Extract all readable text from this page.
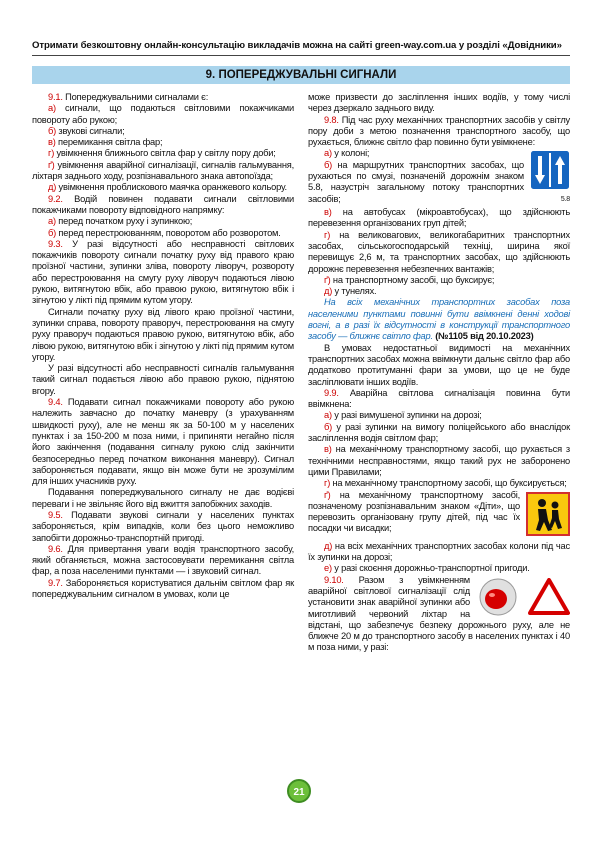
Отримати безкоштовну онлайн-консультацію викладачів можна на сайті green-way.com.ua у розділі «Довідники»
9. ПОПЕРЕДЖУВАЛЬНІ СИГНАЛИ

9.1. Попереджувальними сигналами є:

а) сигнали, що подаються світловими покажчиками повороту або рукою;

б) звукові сигнали;

в) перемикання світла фар;

г) увімкнення ближнього світла фар у світлу пору доби;

ґ) увімкнення аварійної сигналізації, сигналів гальмування, ліхтаря заднього ходу, розпізнавального знака автопоїзда;

д) увімкнення проблискового маячка оранжевого кольору.

9.2. Водій повинен подавати сигнали світловими покажчиками повороту відповідного напрямку:

а) перед початком руху і зупинкою;

б) перед перестроюванням, поворотом або розворотом.

9.3. У разі відсутності або несправності світлових покажчиків повороту сигнали початку руху від правого краю проїзної частини, зупинки зліва, повороту ліворуч, розвороту або перестроювання на смугу руху ліворуч подаються лівою рукою, витягнутою вбік, або правою рукою, витягнутою вбік і зігнутою у лікті під прямим кутом угору.

Сигнали початку руху від лівого краю проїзної частини, зупинки справа, повороту праворуч, перестроювання на смугу руху праворуч подаються правою рукою, витягнутою вбік, або лівою рукою, витягнутою вбік і зігнутою у лікті під прямим кутом угору.

У разі відсутності або несправності сигналів гальмування такий сигнал подається лівою або правою рукою, піднятою вгору.

9.4. Подавати сигнал покажчиками повороту або рукою належить завчасно до початку маневру (з урахуванням швидкості руху), але не менш як за 50-100 м у населених пунктах і за 150-200 м поза ними, і припиняти негайно після його закінчення (подавання сигналу рукою слід закінчити безпосередньо перед початком виконання маневру). Сигнал забороняється подавати, якщо він може бути не зрозумілим для інших учасників руху.

Подавання попереджувального сигналу не дає водієві переваги і не звільняє його від вжиття запобіжних заходів.

9.5. Подавати звукові сигнали у населених пунктах забороняється, крім випадків, коли без цього неможливо запобігти дорожньо-транспортній пригоді.

9.6. Для привертання уваги водія транспортного засобу, який обганяється, можна застосовувати перемикання світла фар, а поза населеними пунктами — і звуковий сигнал.

9.7. Забороняється користуватися дальнім світлом фар як попереджувальним сигналом в умовах, коли це

може призвести до засліплення інших водіїв, у тому числі через дзеркало заднього виду.

9.8. Під час руху механічних транспортних засобів у світлу пору доби з метою позначення транспортного засобу, що рухається, ближнє світло фар повинно бути увімкнене:

5.8

а) у колоні;

б) на маршрутних транспортних засобах, що рухаються по смузі, позначеній дорожнім знаком 5.8, назустріч загальному потоку транспортних засобів;

в) на автобусах (мікроавтобусах), що здійснюють перевезення організованих груп дітей;

г) на великовагових, великогабаритних транспортних засобах, сільськогосподарській техніці, ширина якої перевищує 2,6 м, та транспортних засобах, що здійснюють дорожнє перевезення небезпечних вантажів;

ґ) на транспортному засобі, що буксирує;

д) у тунелях.

На всіх механічних транспортних засобах поза населеними пунктами повинні бути ввімкнені денні ходові вогні, а в разі їх відсутності в конструкції транспортного засобу — ближнє світло фар. (№1105 від 20.10.2023)

В умовах недостатньої видимості на механічних транспортних засобах можна ввімкнути дальнє світло фар або додатково протитуманні фари за умови, що це не буде засліплювати інших водіїв.

9.9. Аварійна світлова сигналізація повинна бути ввімкнена:

а) у разі вимушеної зупинки на дорозі;

б) у разі зупинки на вимогу поліцейського або внаслідок засліплення водія світлом фар;

в) на механічному транспортному засобі, що рухається з технічними несправностями, якщо такий рух не заборонено цими Правилами;

г) на механічному транспортному засобі, що буксирується;

ґ) на механічному транспортному засобі, позначеному розпізнавальним знаком «Діти», що перевозить організовану групу дітей, під час їх посадки чи висадки;

д) на всіх механічних транспортних засобах колони під час їх зупинки на дорозі;

е) у разі скоєння дорожньо-транспортної пригоди.

9.10. Разом з увімкненням аварійної світлової сигналізації слід установити знак аварійної зупинки або миготливий червоний ліхтар на відстані, що забезпечує безпеку дорожнього руху, але не ближче 20 м до транспортного засобу в населених пунктах і 40 м поза ними, у разі:

21
